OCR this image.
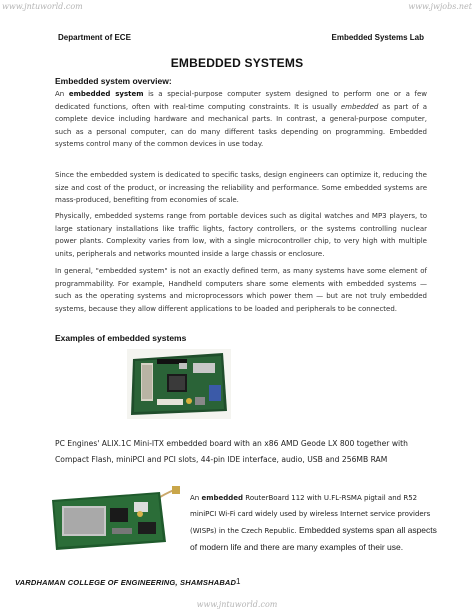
www.jntuworld.com	www.jwjobs.net
Department of ECE	Embedded Systems Lab
EMBEDDED SYSTEMS
Embedded system overview:

An embedded system is a special-purpose computer system designed to perform one or a few dedicated functions, often with real-time computing constraints. It is usually embedded as part of a complete device including hardware and mechanical parts. In contrast, a general-purpose computer, such as a personal computer, can do many different tasks depending on programming. Embedded systems control many of the common devices in use today.

Since the embedded system is dedicated to specific tasks, design engineers can optimize it, reducing the size and cost of the product, or increasing the reliability and performance. Some embedded systems are mass-produced, benefiting from economies of scale.

Physically, embedded systems range from portable devices such as digital watches and MP3 players, to large stationary installations like traffic lights, factory controllers, or the systems controlling nuclear power plants. Complexity varies from low, with a single microcontroller chip, to very high with multiple units, peripherals and networks mounted inside a large chassis or enclosure.

In general, "embedded system" is not an exactly defined term, as many systems have some element of programmability. For example, Handheld computers share some elements with embedded systems — such as the operating systems and microprocessors which power them — but are not truly embedded systems, because they allow different applications to be loaded and peripherals to be connected.

Examples of embedded systems

PC Engines' ALIX.1C Mini-ITX embedded board with an x86 AMD Geode LX 800 together with Compact Flash, miniPCI and PCI slots, 44-pin IDE interface, audio, USB and 256MB RAM

An embedded RouterBoard 112 with U.FL-RSMA pigtail and R52 miniPCI Wi-Fi card widely used by wireless Internet service providers (WISPs) in the Czech Republic. Embedded systems span all aspects of modern life and there are many examples of their use.

VARDHAMAN COLLEGE OF ENGINEERING, SHAMSHABAD 1
www.jntuworld.com
